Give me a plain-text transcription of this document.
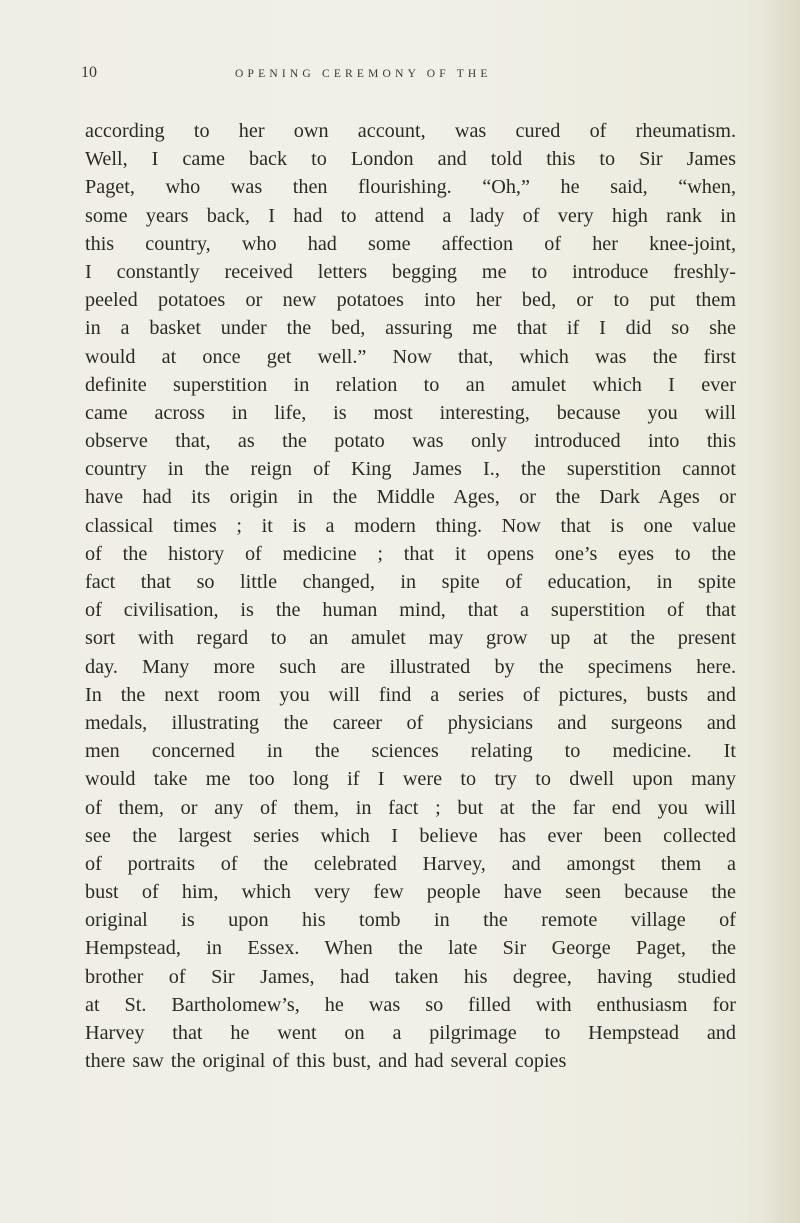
10	OPENING CEREMONY OF THE
according to her own account, was cured of rheumatism.
Well, I came back to London and told this to Sir James
Paget, who was then flourishing. “Oh,” he said, “when,
some years back, I had to attend a lady of very high rank in
this country, who had some affection of her knee-joint,
I constantly received letters begging me to introduce freshly-
peeled potatoes or new potatoes into her bed, or to put them
in a basket under the bed, assuring me that if I did so she
would at once get well.” Now that, which was the first
definite superstition in relation to an amulet which I ever
came across in life, is most interesting, because you will
observe that, as the potato was only introduced into this
country in the reign of King James I., the superstition cannot
have had its origin in the Middle Ages, or the Dark Ages or
classical times ; it is a modern thing. Now that is one value
of the history of medicine ; that it opens one’s eyes to the
fact that so little changed, in spite of education, in spite
of civilisation, is the human mind, that a superstition of that
sort with regard to an amulet may grow up at the present
day. Many more such are illustrated by the specimens here.
In the next room you will find a series of pictures, busts and
medals, illustrating the career of physicians and surgeons and
men concerned in the sciences relating to medicine. It
would take me too long if I were to try to dwell upon many
of them, or any of them, in fact ; but at the far end you will
see the largest series which I believe has ever been collected
of portraits of the celebrated Harvey, and amongst them a
bust of him, which very few people have seen because the
original is upon his tomb in the remote village of
Hempstead, in Essex. When the late Sir George Paget, the
brother of Sir James, had taken his degree, having studied
at St. Bartholomew’s, he was so filled with enthusiasm for
Harvey that he went on a pilgrimage to Hempstead and
there saw the original of this bust, and had several copies
